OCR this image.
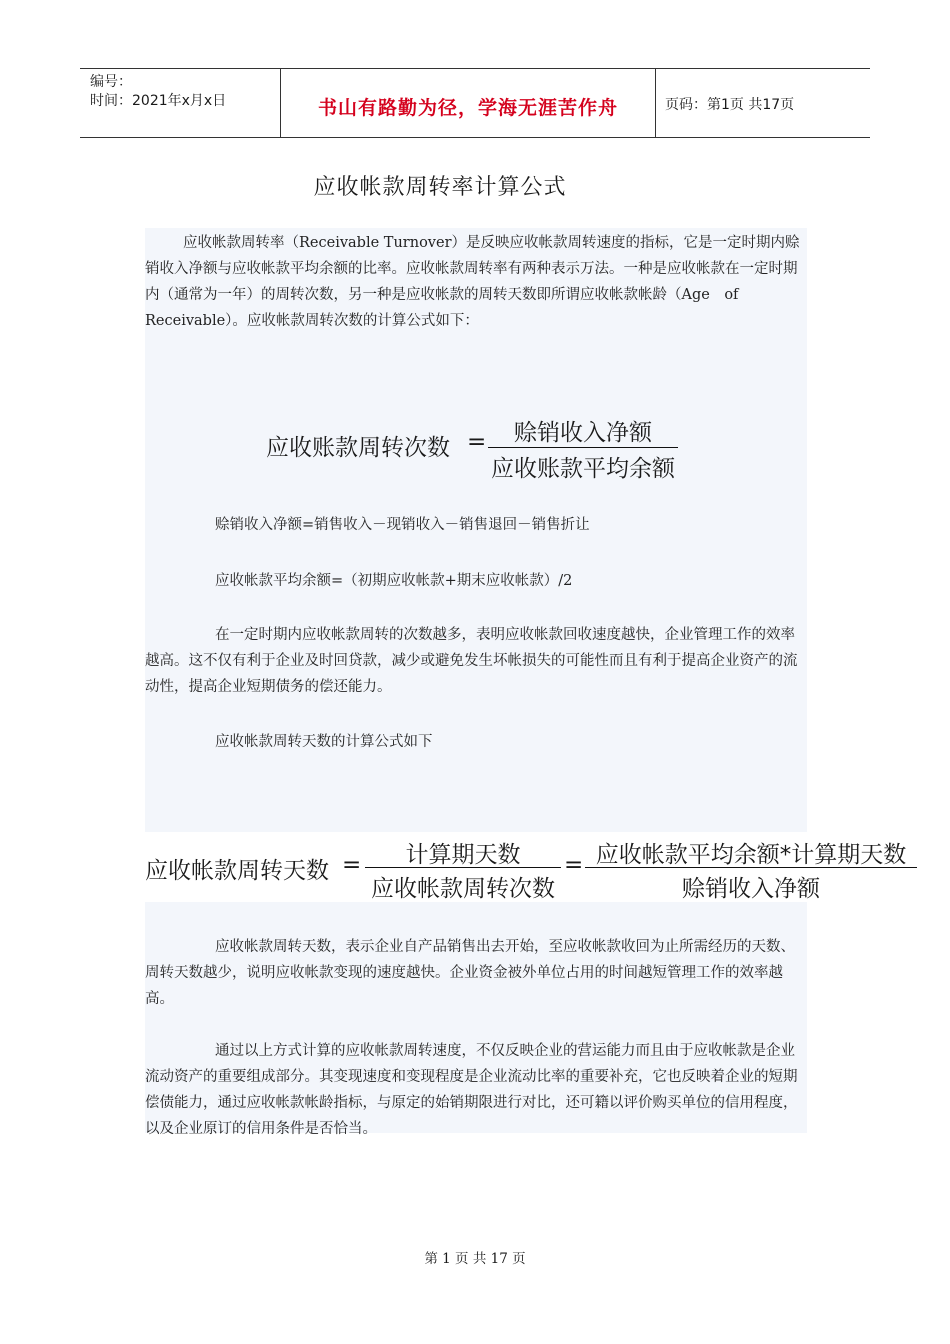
编号：
时间：2021年x月x日	书山有路勤为径，学海无涯苦作舟	页码：第1页 共17页
应收帐款周转率计算公式
应收帐款周转率（Receivable Turnover）是反映应收帐款周转速度的指标，它是一定时期内赊销收入净额与应收帐款平均余额的比率。应收帐款周转率有两种表示万法。一种是应收帐款在一定时期内（通常为一年）的周转次数，另一种是应收帐款的周转天数即所谓应收帐款帐龄（Age　of Receivable）。应收帐款周转次数的计算公式如下：
应收账款周转次数 =	赊销收入净额
应收账款平均余额
赊销收入净额=销售收入－现销收入－销售退回－销售折让
应收帐款平均余额=（初期应收帐款+期末应收帐款）/2
在一定时期内应收帐款周转的次数越多，表明应收帐款回收速度越快，企业管理工作的效率越高。这不仅有利于企业及时回贷款，减少或避免发生坏帐损失的可能性而且有利于提高企业资产的流动性，提高企业短期债务的偿还能力。
应收帐款周转天数的计算公式如下
应收帐款周转天数 =	计算期天数
应收帐款周转次数
= 应收帐款平均余额*计算期天数
赊销收入净额
应收帐款周转天数，表示企业自产品销售出去开始，至应收帐款收回为止所需经历的天数、周转天数越少，说明应收帐款变现的速度越快。企业资金被外单位占用的时间越短管理工作的效率越高。
通过以上方式计算的应收帐款周转速度，不仅反映企业的营运能力而且由于应收帐款是企业流动资产的重要组成部分。其变现速度和变现程度是企业流动比率的重要补充，它也反映着企业的短期偿债能力，通过应收帐款帐龄指标，与原定的始销期限进行对比，还可籍以评价购买单位的信用程度，以及企业原订的信用条件是否恰当。
第 1 页 共 17 页
